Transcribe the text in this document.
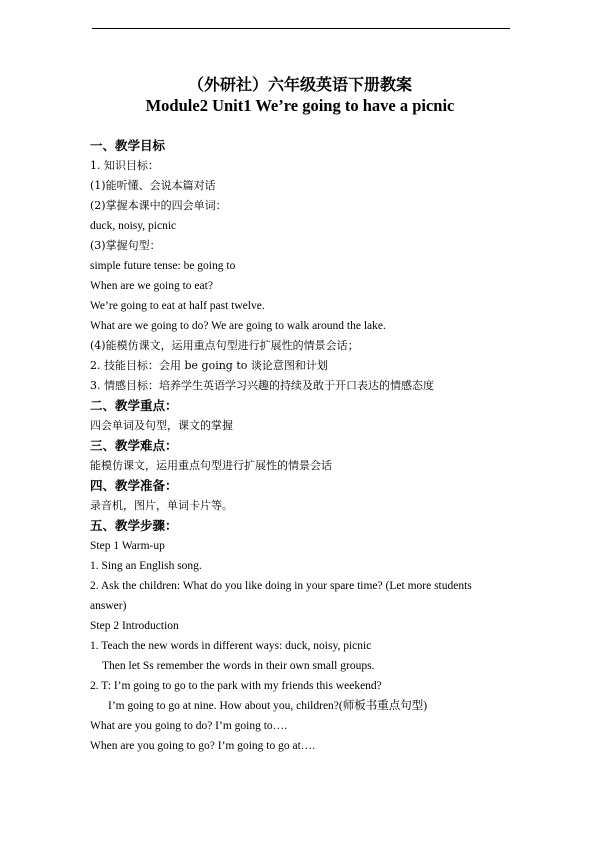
（外研社）六年级英语下册教案
Module2 Unit1 We’re going to have a picnic
一、教学目标
1. 知识目标：
(1)能听懂、会说本篇对话
(2)掌握本课中的四会单词：
duck, noisy, picnic
(3)掌握句型：
simple future tense: be going to
When are we going to eat?
We’re going to eat at half past twelve.
What are we going to do? We are going to walk around the lake.
(4)能模仿课文，运用重点句型进行扩展性的情景会话；
2. 技能目标：会用 be going to 谈论意图和计划
3. 情感目标：培养学生英语学习兴趣的持续及敢于开口表达的情感态度
二、教学重点：
四会单词及句型，课文的掌握
三、教学难点：
能模仿课文，运用重点句型进行扩展性的情景会话
四、教学准备：
录音机，图片，单词卡片等。
五、教学步骤：
Step 1 Warm-up
1. Sing an English song.
2. Ask the children: What do you like doing in your spare time? (Let more students
answer)
Step 2 Introduction
1. Teach the new words in different ways: duck, noisy, picnic
Then let Ss remember the words in their own small groups.
2. T: I’m going to go to the park with my friends this weekend?
I’m going to go at nine. How about you, children?(师板书重点句型)
What are you going to do? I’m going to….
When are you going to go? I’m going to go at….
